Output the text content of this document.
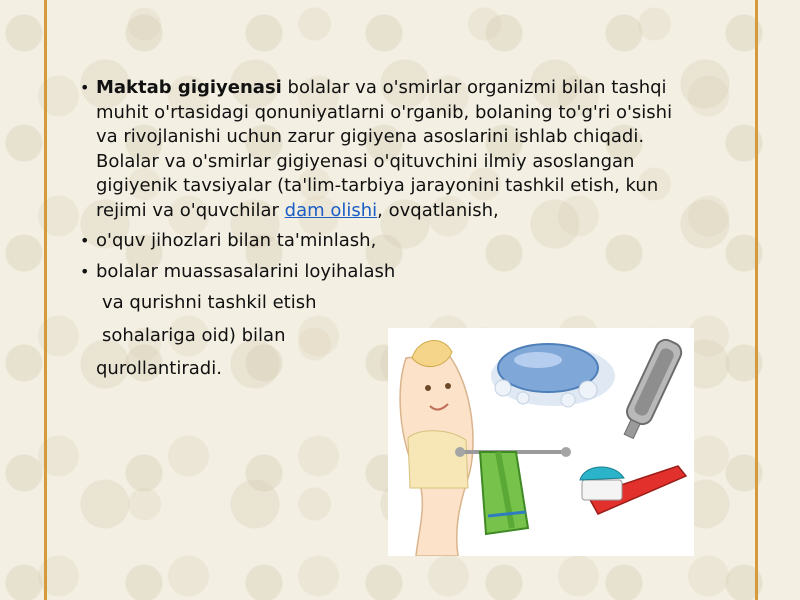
• Maktab gigiyenasi bolalar va o'smirlar organizmi bilan tashqi muhit o'rtasidagi qonuniyatlarni o'rganib, bolaning to'g'ri o'sishi va rivojlanishi uchun zarur gigiyena asoslarini ishlab chiqadi.
Bolalar va o'smirlar gigiyenasi o'qituvchini ilmiy asoslangan gigiyenik tavsiyalar (ta'lim-tarbiya jarayonini tashkil etish, kun rejimi va o'quvchilar dam olishi, ovqatlanish,
• o'quv jihozlari bilan ta'minlash,
• bolalar muassasalarini loyihalash
va qurishni tashkil etish
sohalariga oid) bilan
qurollantiradi.
